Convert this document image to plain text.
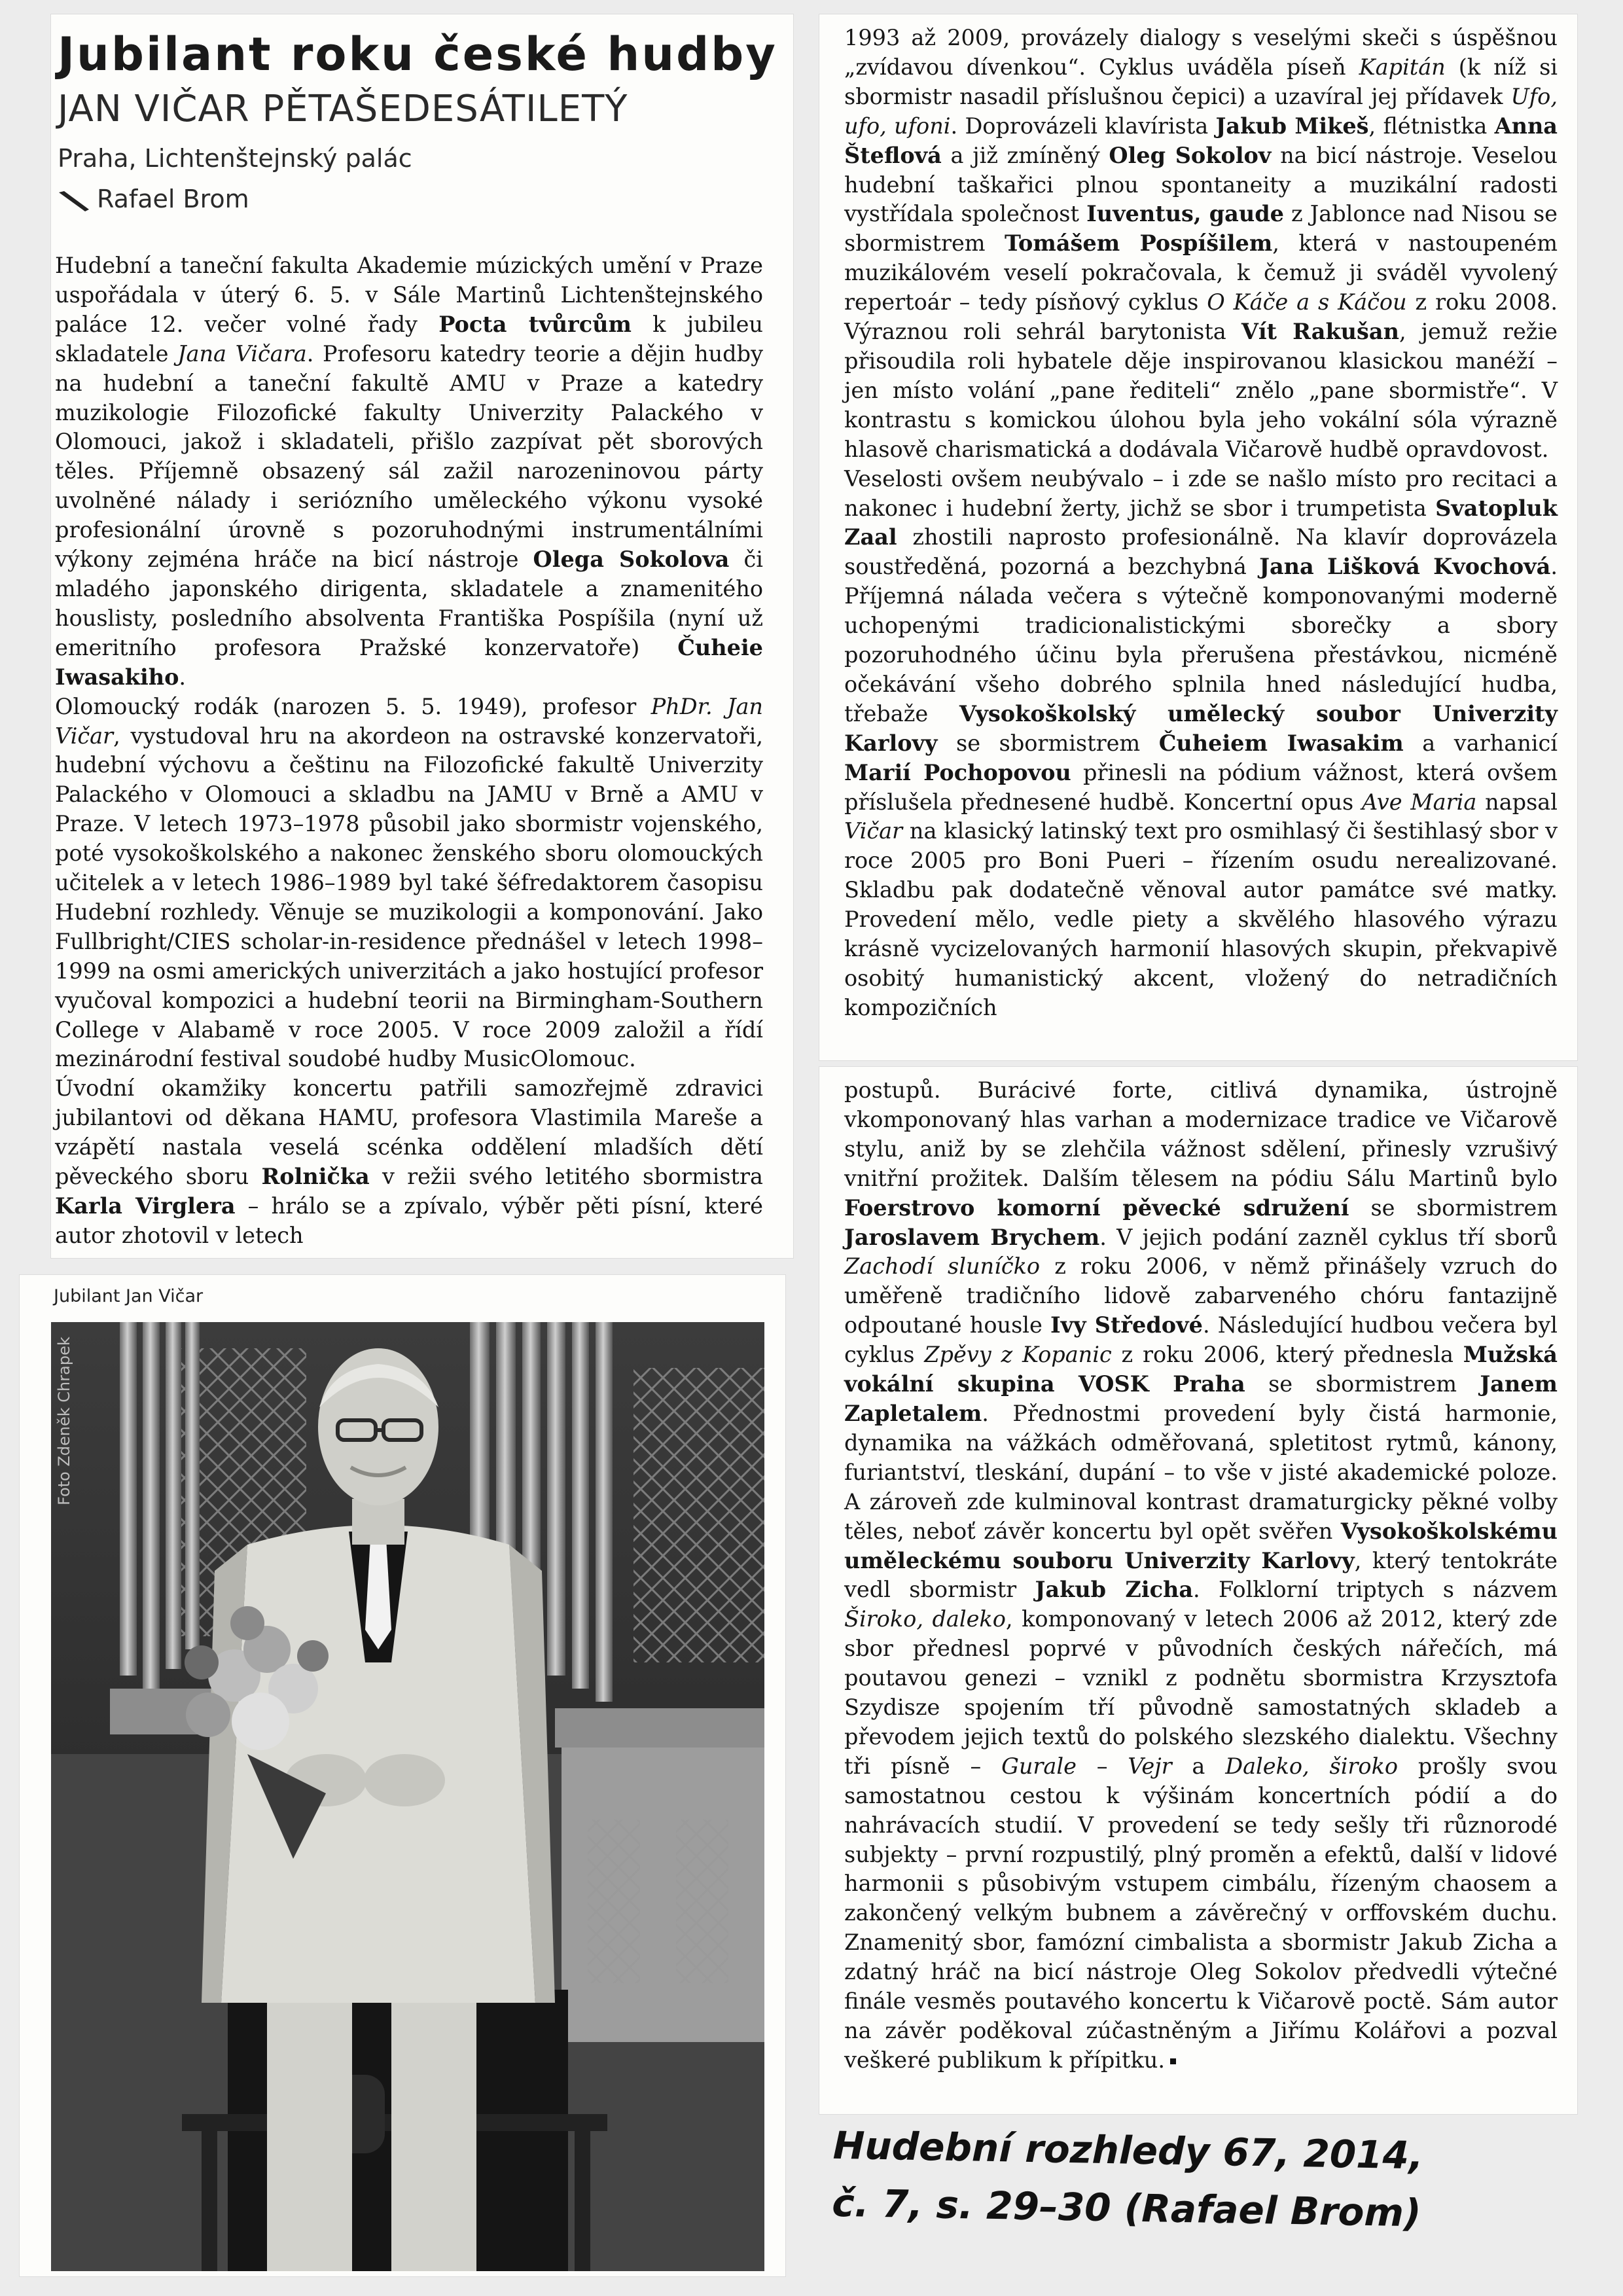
Jubilant roku české hudby
JAN VIČAR PĚTAŠEDESÁTILETÝ
Praha, Lichtenštejnský palác
Rafael Brom

Hudební a taneční fakulta Akademie múzických umění v Praze uspořádala v úterý 6. 5. v Sále Martinů Lichtenštejnského paláce 12. večer volné řady Pocta tvůrcům k jubileu skladatele Jana Vičara. Profesoru katedry teorie a dějin hudby na hudební a taneční fakultě AMU v Praze a katedry muzikologie Filozofické fakulty Univerzity Palackého v Olomouci, jakož i skladateli, přišlo zazpívat pět sborových těles. Příjemně obsazený sál zažil narozeninovou párty uvolněné nálady i seriózního uměleckého výkonu vysoké profesionální úrovně s pozoruhodnými instrumentálními výkony zejména hráče na bicí nástroje Olega Sokolova či mladého japonského dirigenta, skladatele a znamenitého houslisty, posledního absolventa Františka Pospíšila (nyní už emeritního profesora Pražské konzervatoře) Čuheie Iwasakiho.

Olomoucký rodák (narozen 5. 5. 1949), profesor PhDr. Jan Vičar, vystudoval hru na akordeon na ostravské konzervatoři, hudební výchovu a češtinu na Filozofické fakultě Univerzity Palackého v Olomouci a skladbu na JAMU v Brně a AMU v Praze. V letech 1973–1978 působil jako sbormistr vojenského, poté vysokoškolského a nakonec ženského sboru olomouckých učitelek a v letech 1986–1989 byl také šéfredaktorem časopisu Hudební rozhledy. Věnuje se muzikologii a komponování. Jako Fullbright/CIES scholar-in-residence přednášel v letech 1998–1999 na osmi amerických univerzitách a jako hostující profesor vyučoval kompozici a hudební teorii na Birmingham-Southern College v Alabamě v roce 2005. V roce 2009 založil a řídí mezinárodní festival soudobé hudby MusicOlomouc.

Úvodní okamžiky koncertu patřili samozřejmě zdravici jubilantovi od děkana HAMU, profesora Vlastimila Mareše a vzápětí nastala veselá scénka oddělení mladších dětí pěveckého sboru Rolnička v režii svého letitého sbormistra Karla Virglera – hrálo se a zpívalo, výběr pěti písní, které autor zhotovil v letech

1993 až 2009, provázely dialogy s veselými skeči s úspěšnou „zvídavou dívenkou“. Cyklus uváděla píseň Kapitán (k níž si sbormistr nasadil příslušnou čepici) a uzavíral jej přídavek Ufo, ufo, ufoni. Doprovázeli klavírista Jakub Mikeš, flétnistka Anna Šteflová a již zmíněný Oleg Sokolov na bicí nástroje. Veselou hudební taškařici plnou spontaneity a muzikální radosti vystřídala společnost Iuventus, gaude z Jablonce nad Nisou se sbormistrem Tomášem Pospíšilem, která v nastoupeném muzikálovém veselí pokračovala, k čemuž ji sváděl vyvolený repertoár – tedy písňový cyklus O Káče a s Káčou z roku 2008. Výraznou roli sehrál barytonista Vít Rakušan, jemuž režie přisoudila roli hybatele děje inspirovanou klasickou manéží – jen místo volání „pane řediteli“ znělo „pane sbormistře“. V kontrastu s komickou úlohou byla jeho vokální sóla výrazně hlasově charismatická a dodávala Vičarově hudbě opravdovost.

Veselosti ovšem neubývalo – i zde se našlo místo pro recitaci a nakonec i hudební žerty, jichž se sbor i trumpetista Svatopluk Zaal zhostili naprosto profesionálně. Na klavír doprovázela soustředěná, pozorná a bezchybná Jana Lišková Kvochová. Příjemná nálada večera s výtečně komponovanými moderně uchopenými tradicionalistickými sborečky a sbory pozoruhodného účinu byla přerušena přestávkou, nicméně očekávání všeho dobrého splnila hned následující hudba, třebaže Vysokoškolský umělecký soubor Univerzity Karlovy se sbormistrem Čuheiem Iwasakim a varhanicí Marií Pochopovou přinesli na pódium vážnost, která ovšem příslušela přednesené hudbě. Koncertní opus Ave Maria napsal Vičar na klasický latinský text pro osmihlasý či šestihlasý sbor v roce 2005 pro Boni Pueri – řízením osudu nerealizované. Skladbu pak dodatečně věnoval autor památce své matky. Provedení mělo, vedle piety a skvělého hlasového výrazu krásně vycizelovaných harmonií hlasových skupin, překvapivě osobitý humanistický akcent, vložený do netradičních kompozičních

postupů. Burácivé forte, citlivá dynamika, ústrojně vkomponovaný hlas varhan a modernizace tradice ve Vičarově stylu, aniž by se zlehčila vážnost sdělení, přinesly vzrušivý vnitřní prožitek. Dalším tělesem na pódiu Sálu Martinů bylo Foerstrovo komorní pěvecké sdružení se sbormistrem Jaroslavem Brychem. V jejich podání zazněl cyklus tří sborů Zachodí sluníčko z roku 2006, v němž přinášely vzruch do uměřeně tradičního lidově zabarveného chóru fantazijně odpoutané housle Ivy Středové. Následující hudbou večera byl cyklus Zpěvy z Kopanic z roku 2006, který přednesla Mužská vokální skupina VOSK Praha se sbormistrem Janem Zapletalem. Přednostmi provedení byly čistá harmonie, dynamika na vážkách odměřovaná, spletitost rytmů, kánony, furiantství, tleskání, dupání – to vše v jisté akademické poloze. A zároveň zde kulminoval kontrast dramaturgicky pěkné volby těles, neboť závěr koncertu byl opět svěřen Vysokoškolskému uměleckému souboru Univerzity Karlovy, který tentokráte vedl sbormistr Jakub Zicha. Folklorní triptych s názvem Široko, daleko, komponovaný v letech 2006 až 2012, který zde sbor přednesl poprvé v původních českých nářečích, má poutavou genezi – vznikl z podnětu sbormistra Krzysztofa Szydisze spojením tří původně samostatných skladeb a převodem jejich textů do polského slezského dialektu. Všechny tři písně – Gurale – Vejr a Daleko, široko prošly svou samostatnou cestou k výšinám koncertních pódií a do nahrávacích studií. V provedení se tedy sešly tři různorodé subjekty – první rozpustilý, plný proměn a efektů, další v lidové harmonii s působivým vstupem cimbálu, řízeným chaosem a zakončený velkým bubnem a závěrečný v orffovském duchu. Znamenitý sbor, famózní cimbalista a sbormistr Jakub Zicha a zdatný hráč na bicí nástroje Oleg Sokolov předvedli výtečné finále vesměs poutavého koncertu k Vičarově poctě. Sám autor na závěr poděkoval zúčastněným a Jiřímu Kolářovi a pozval veškeré publikum k přípitku.

Jubilant Jan Vičar
Foto Zdeněk Chrapek
Hudební rozhledy 67, 2014,
č. 7, s. 29–30 (Rafael Brom)
